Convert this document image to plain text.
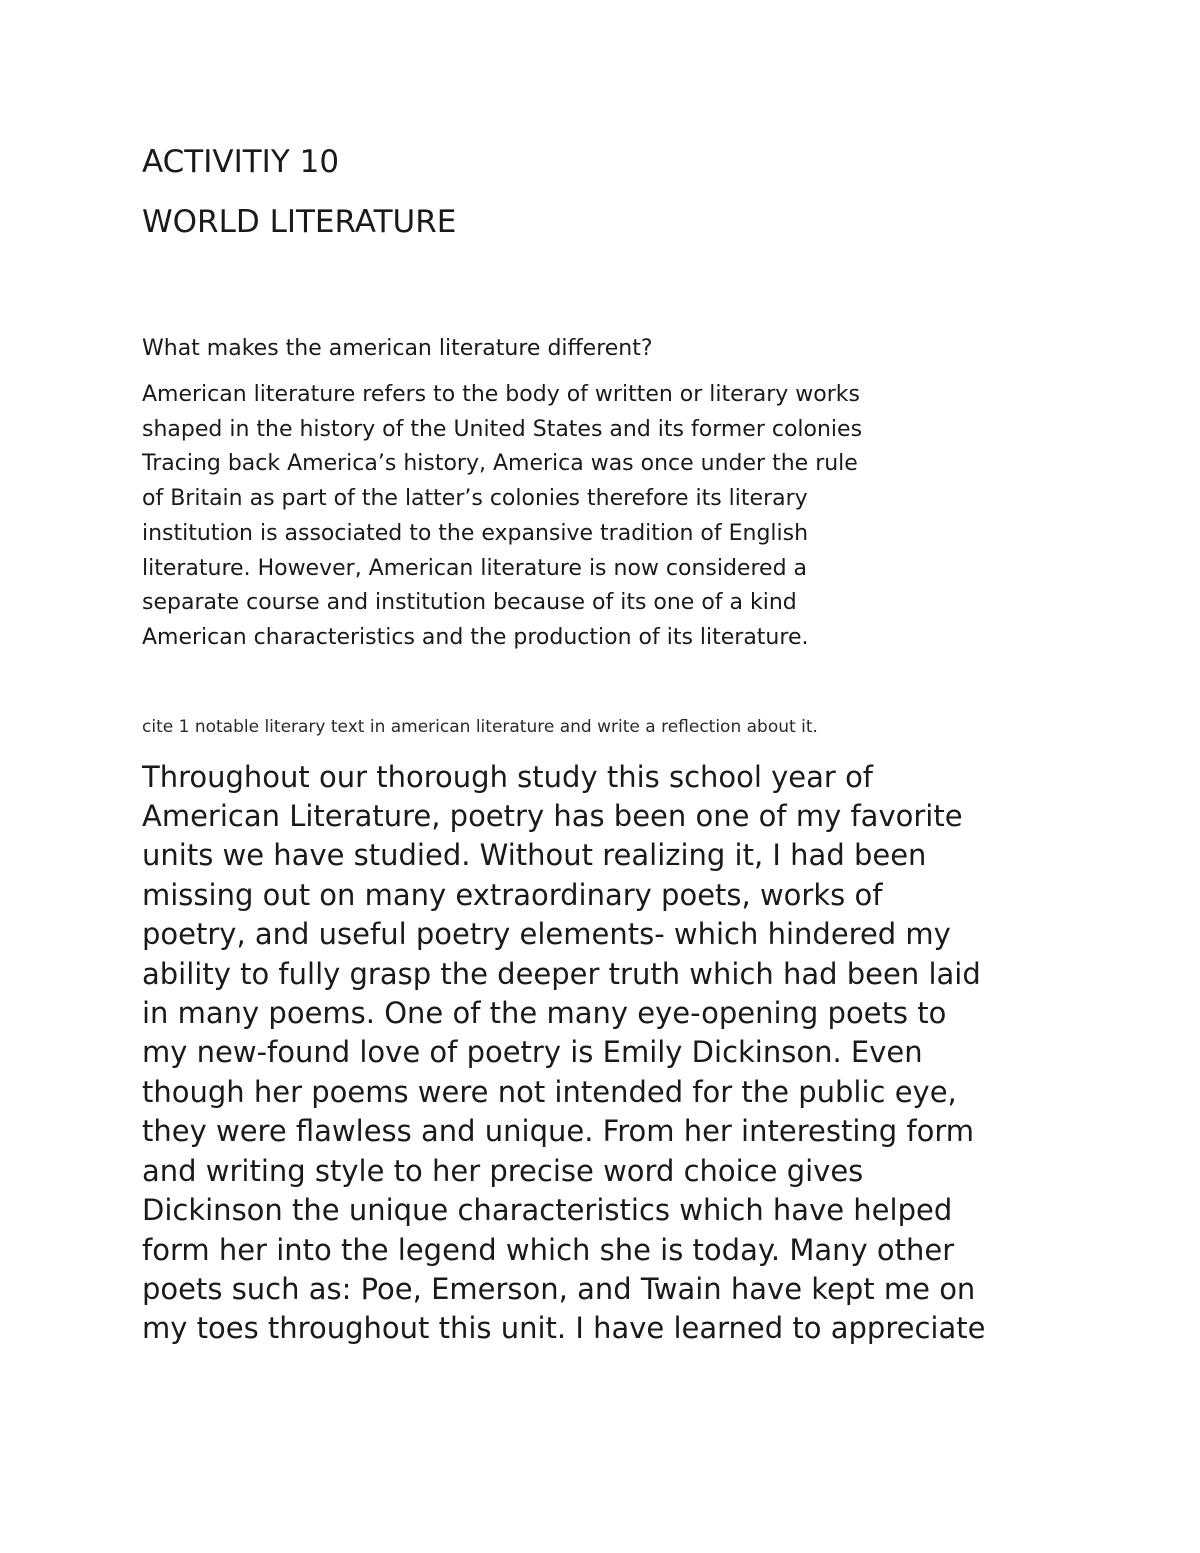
ACTIVITIY 10

WORLD LITERATURE

What makes the american literature different?

American literature refers to the body of written or literary works
shaped in the history of the United States and its former colonies
Tracing back America’s history, America was once under the rule
of Britain as part of the latter’s colonies therefore its literary
institution is associated to the expansive tradition of English
literature. However, American literature is now considered a
separate course and institution because of its one of a kind
American characteristics and the production of its literature.
cite 1 notable literary text in american literature and write a reflection about it.
Throughout our thorough study this school year of
American Literature, poetry has been one of my favorite
units we have studied. Without realizing it, I had been
missing out on many extraordinary poets, works of
poetry, and useful poetry elements- which hindered my
ability to fully grasp the deeper truth which had been laid
in many poems. One of the many eye-opening poets to
my new-found love of poetry is Emily Dickinson. Even
though her poems were not intended for the public eye,
they were flawless and unique. From her interesting form
and writing style to her precise word choice gives
Dickinson the unique characteristics which have helped
form her into the legend which she is today. Many other
poets such as: Poe, Emerson, and Twain have kept me on
my toes throughout this unit. I have learned to appreciate
